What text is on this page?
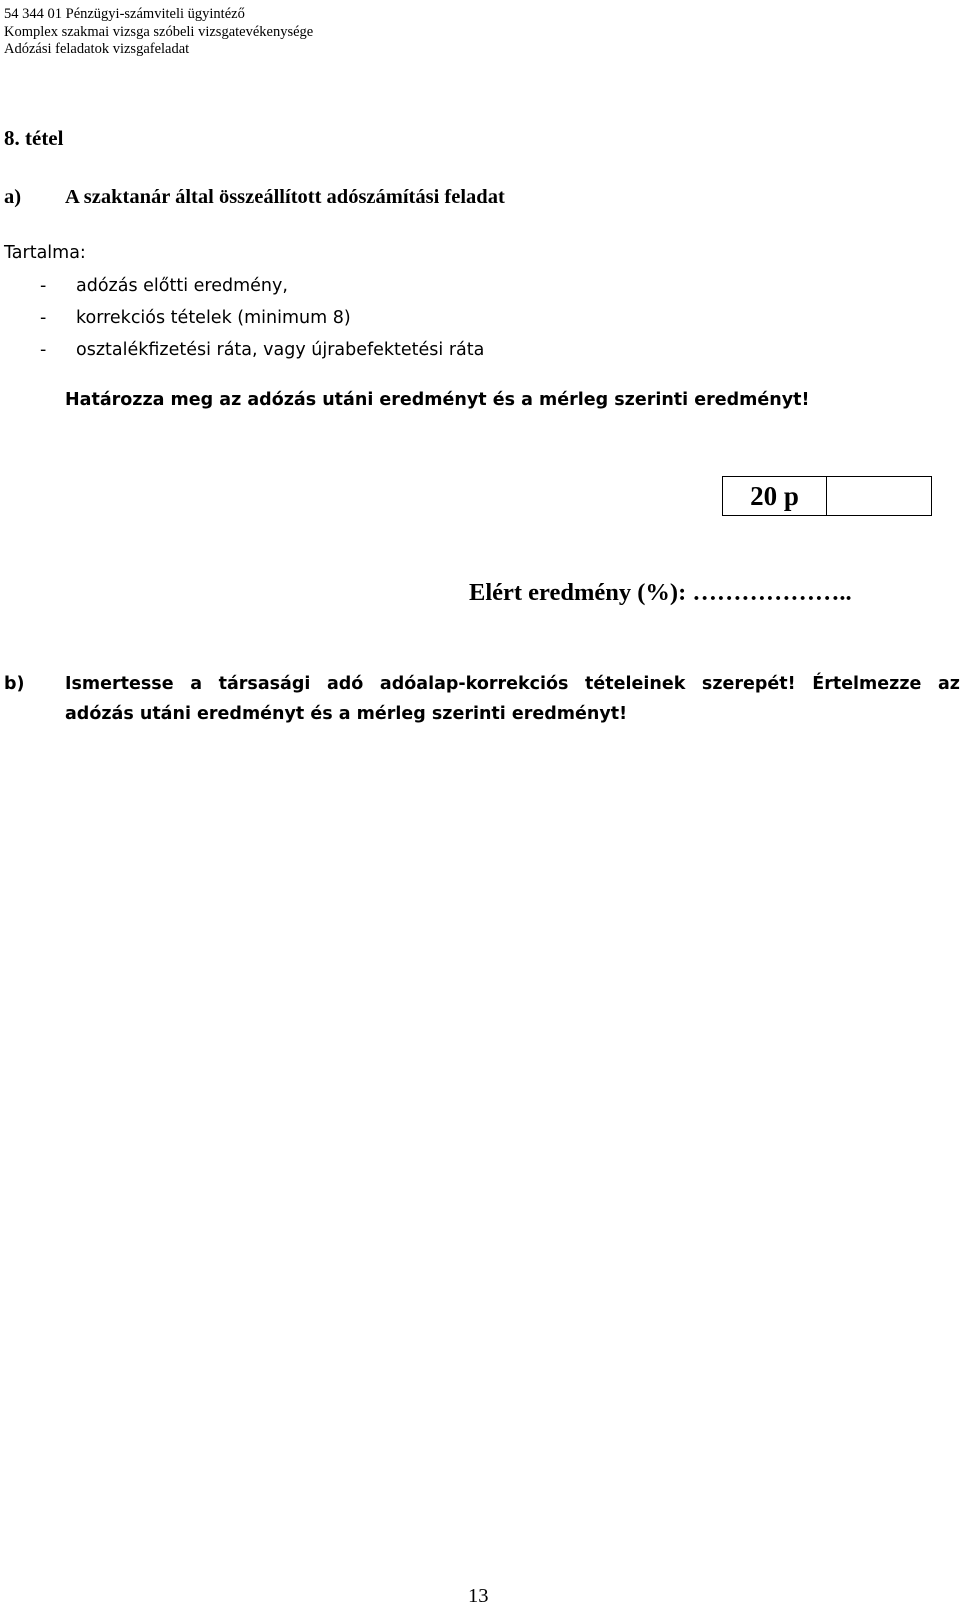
54 344 01 Pénzügyi-számviteli ügyintéző
Komplex szakmai vizsga szóbeli vizsgatevékenysége
Adózási feladatok vizsgafeladat
8. tétel
a) A szaktanár által összeállított adószámítási feladat
Tartalma:
- adózás előtti eredmény,
- korrekciós tételek (minimum 8)
- osztalékfizetési ráta, vagy újrabefektetési ráta
Határozza meg az adózás utáni eredményt és a mérleg szerinti eredményt!
20 p
Elért eredmény (%): ………………..
b) Ismertesse a társasági adó adóalap-korrekciós tételeinek szerepét! Értelmezze az
adózás utáni eredményt és a mérleg szerinti eredményt!
13
